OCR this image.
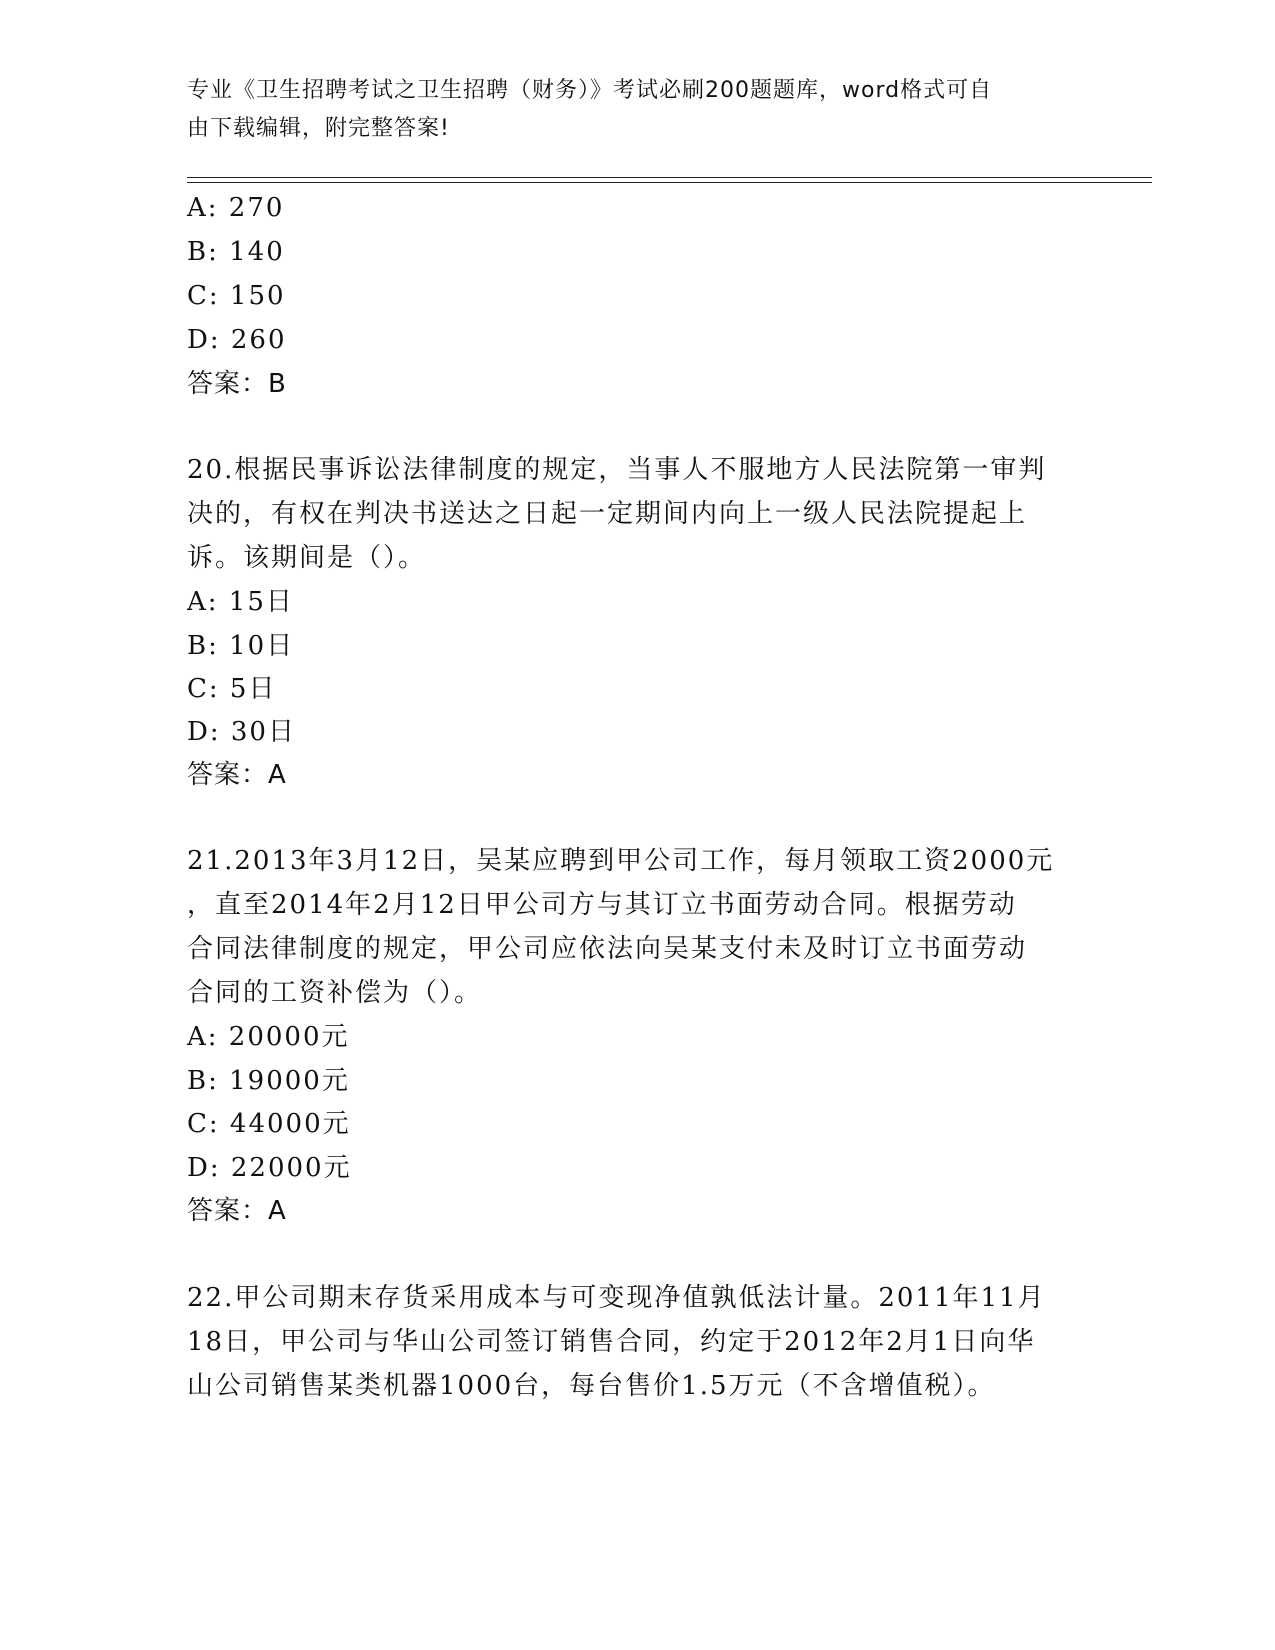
专业《卫生招聘考试之卫生招聘（财务）》考试必刷200题题库，word格式可自
由下载编辑，附完整答案!
A: 270
B: 140
C: 150
D: 260
答案：B
20.根据民事诉讼法律制度的规定，当事人不服地方人民法院第一审判
决的，有权在判决书送达之日起一定期间内向上一级人民法院提起上
诉。该期间是（）。
A: 15日
B: 10日
C: 5日
D: 30日
答案：A
21.2013年3月12日，吴某应聘到甲公司工作，每月领取工资2000元
，直至2014年2月12日甲公司方与其订立书面劳动合同。根据劳动
合同法律制度的规定，甲公司应依法向吴某支付未及时订立书面劳动
合同的工资补偿为（）。
A: 20000元
B: 19000元
C: 44000元
D: 22000元
答案：A
22.甲公司期末存货采用成本与可变现净值孰低法计量。2011年11月
18日，甲公司与华山公司签订销售合同，约定于2012年2月1日向华
山公司销售某类机器1000台，每台售价1.5万元（不含增值税）。
